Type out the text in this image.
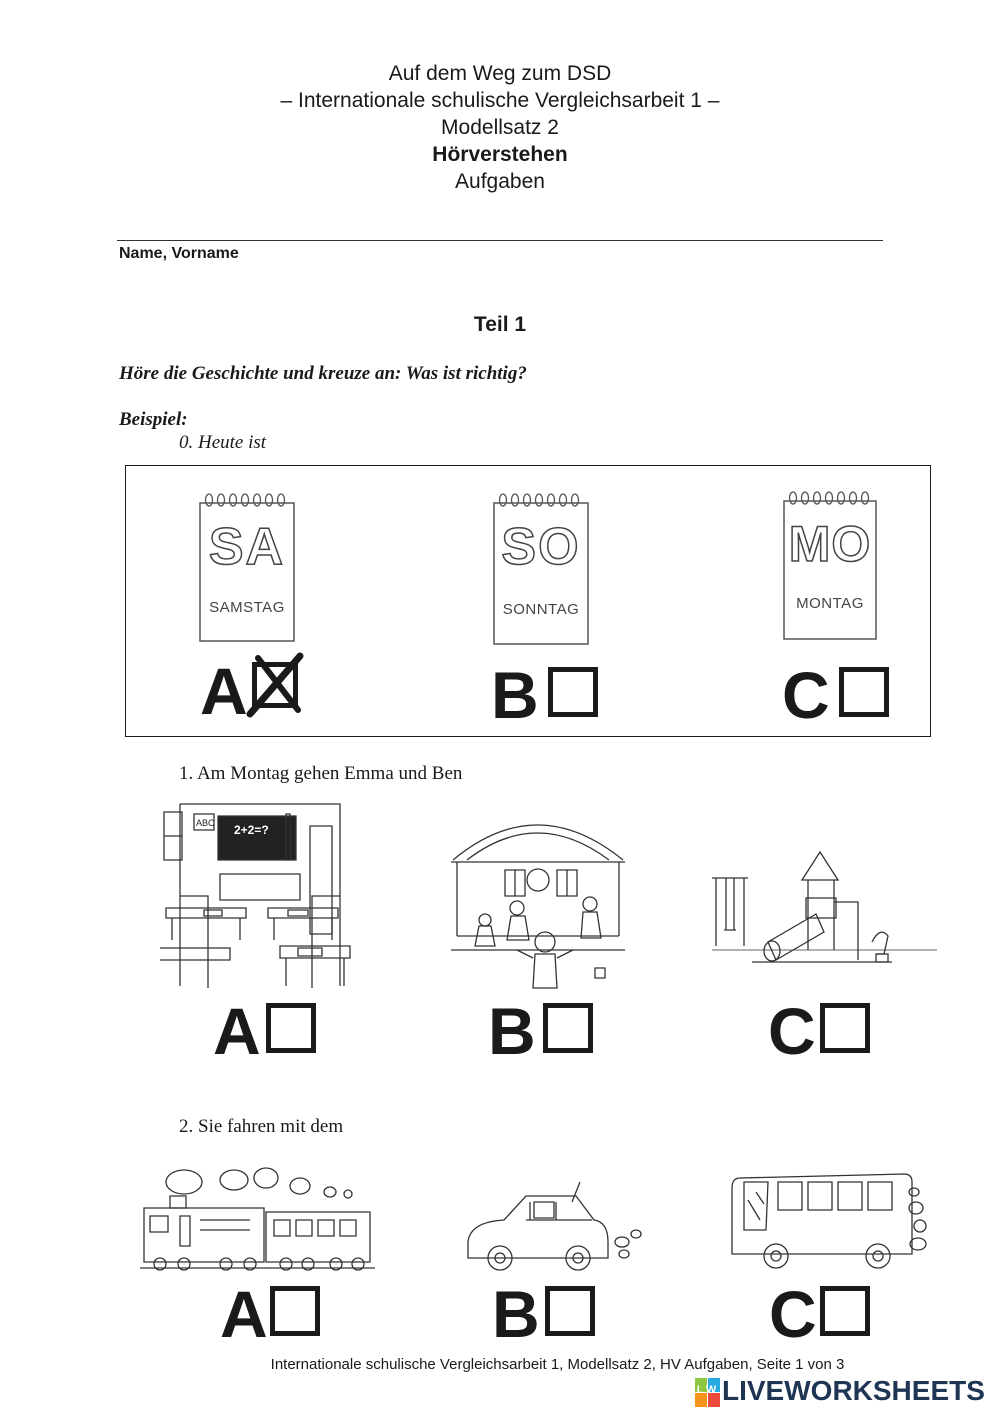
Auf dem Weg zum DSD
– Internationale schulische Vergleichsarbeit 1 –
Modellsatz 2
Hörverstehen
Aufgaben
Name, Vorname
Teil 1
Höre die Geschichte und kreuze an: Was ist richtig?
Beispiel:
0. Heute ist
SA
SAMSTAG
SO
SONNTAG
MO
MONTAG
A	B	C
1. Am Montag gehen Emma und Ben
ABC 2+2=?
A	B	C
2. Sie fahren mit dem
A	B	C
Internationale schulische Vergleichsarbeit 1, Modellsatz 2, HV Aufgaben, Seite 1 von 3
LW LIVEWORKSHEETS
